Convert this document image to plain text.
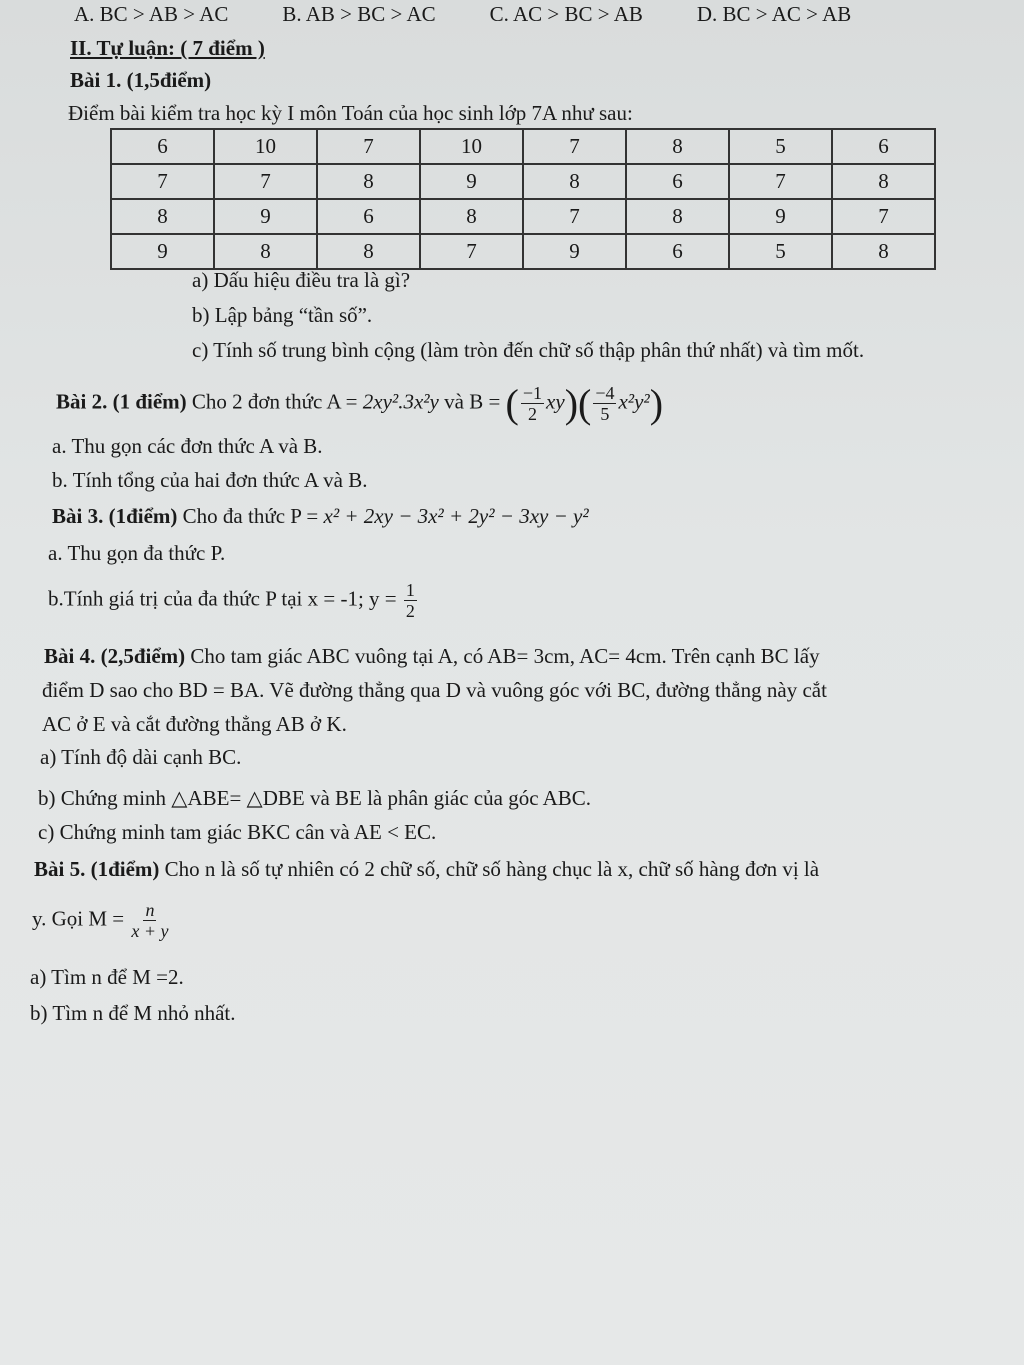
A. BC > AB > AC	B. AB > BC > AC	C. AC > BC > AB	D. BC > AC > AB
II. Tự luận: ( 7 điểm )
Bài 1. (1,5điểm)
Điểm bài kiểm tra học kỳ I môn Toán của học sinh lớp 7A như sau:
6	10	7	10	7	8	5	6
7	7	8	9	8	6	7	8
8	9	6	8	7	8	9	7
9	8	8	7	9	6	5	8
a) Dấu hiệu điều tra là gì?
b) Lập bảng “tần số”.
c) Tính số trung bình cộng (làm tròn đến chữ số thập phân thứ nhất) và tìm mốt.
Bài 2. (1 điểm) Cho 2 đơn thức A = 2xy².3x²y và B = ( $\frac{-1}{2} xy)( \frac{-4}{5} x^2y^2)$
a. Thu gọn các đơn thức A và B.
b. Tính tổng của hai đơn thức A và B.
Bài 3. (1điểm) Cho đa thức P = x² + 2xy − 3x² + 2y² − 3xy − y²
a. Thu gọn đa thức P.
b.Tính giá trị của đa thức P tại x = -1; $y = \frac{1}{2}$
Bài 4. (2,5điểm) Cho tam giác ABC vuông tại A, có AB= 3cm, AC= 4cm. Trên cạnh BC lấy
điểm D sao cho BD = BA. Vẽ đường thẳng qua D và vuông góc với BC, đường thẳng này cắt
AC ở E và cắt đường thẳng AB ở K.
a) Tính độ dài cạnh BC.
b) Chứng minh △ABE= △DBE và BE là phân giác của góc ABC.
c) Chứng minh tam giác BKC cân và AE < EC.
Bài 5. (1điểm) Cho n là số tự nhiên có 2 chữ số, chữ số hàng chục là x, chữ số hàng đơn vị là
y. Gọi $M = \frac{n}{x + y}$
a) Tìm n để M =2.
b) Tìm n để M nhỏ nhất.
